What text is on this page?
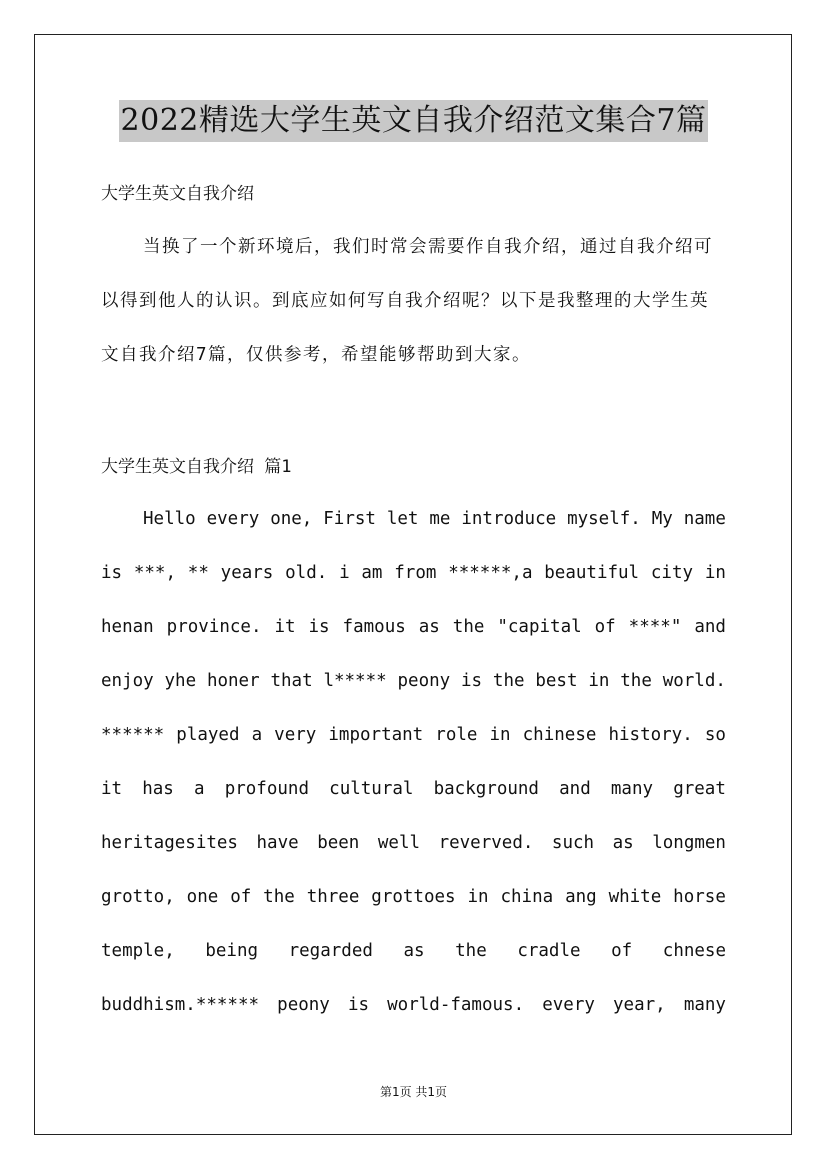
2022精选大学生英文自我介绍范文集合7篇
大学生英文自我介绍

当换了一个新环境后，我们时常会需要作自我介绍，通过自我介绍可以得到他人的认识。到底应如何写自我介绍呢？以下是我整理的大学生英文自我介绍7篇，仅供参考，希望能够帮助到大家。

大学生英文自我介绍 篇1
Hello every one, First let me introduce myself. My name
is ***, ** years old. i am from ******,a beautiful city in
henan province. it is famous as the "capital of ****" and
enjoy yhe honer that l***** peony is the best in the world.
****** played a very important role in chinese history. so
it has a profound cultural background and many great
heritagesites have been well reverved. such as longmen
grotto, one of the three grottoes in china ang white horse
temple, being regarded as the cradle of chnese
buddhism.****** peony is world-famous. every year, many
第1页 共1页
